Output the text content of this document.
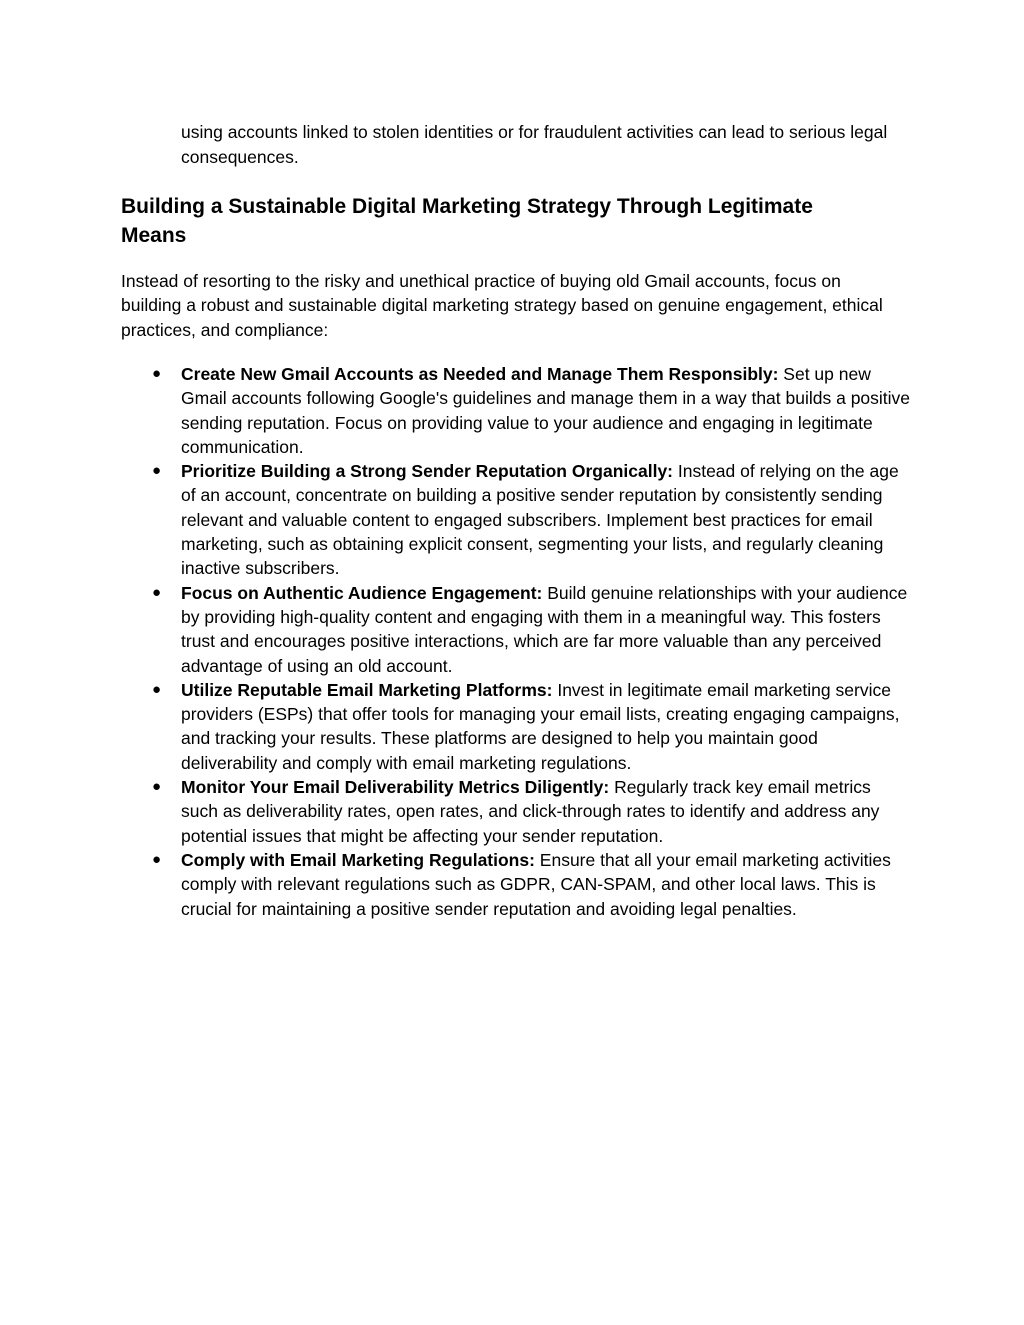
using accounts linked to stolen identities or for fraudulent activities can lead to serious legal consequences.

Building a Sustainable Digital Marketing Strategy Through Legitimate Means

Instead of resorting to the risky and unethical practice of buying old Gmail accounts, focus on building a robust and sustainable digital marketing strategy based on genuine engagement, ethical practices, and compliance:

● Create New Gmail Accounts as Needed and Manage Them Responsibly: Set up new Gmail accounts following Google's guidelines and manage them in a way that builds a positive sending reputation. Focus on providing value to your audience and engaging in legitimate communication.
● Prioritize Building a Strong Sender Reputation Organically: Instead of relying on the age of an account, concentrate on building a positive sender reputation by consistently sending relevant and valuable content to engaged subscribers. Implement best practices for email marketing, such as obtaining explicit consent, segmenting your lists, and regularly cleaning inactive subscribers.
● Focus on Authentic Audience Engagement: Build genuine relationships with your audience by providing high-quality content and engaging with them in a meaningful way. This fosters trust and encourages positive interactions, which are far more valuable than any perceived advantage of using an old account.
● Utilize Reputable Email Marketing Platforms: Invest in legitimate email marketing service providers (ESPs) that offer tools for managing your email lists, creating engaging campaigns, and tracking your results. These platforms are designed to help you maintain good deliverability and comply with email marketing regulations.
● Monitor Your Email Deliverability Metrics Diligently: Regularly track key email metrics such as deliverability rates, open rates, and click-through rates to identify and address any potential issues that might be affecting your sender reputation.
● Comply with Email Marketing Regulations: Ensure that all your email marketing activities comply with relevant regulations such as GDPR, CAN-SPAM, and other local laws. This is crucial for maintaining a positive sender reputation and avoiding legal penalties.
